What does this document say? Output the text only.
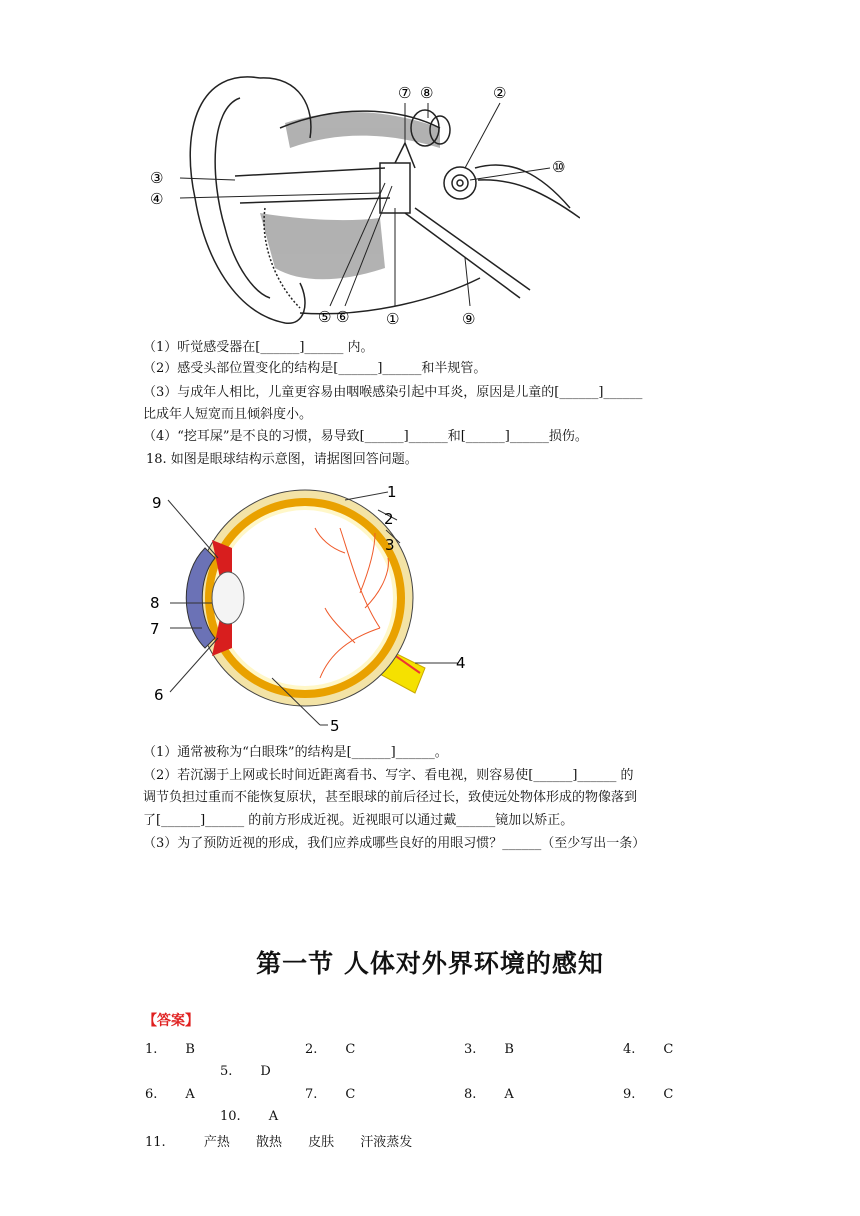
③
④
⑤ ⑥ ①
⑦ ⑧	②
⑩
⑨
（1）听觉感受器在[______]______ 内。
（2）感受头部位置变化的结构是[______]______和半规管。
（3）与成年人相比，儿童更容易由咽喉感染引起中耳炎，原因是儿童的[______]______
比成年人短宽而且倾斜度小。
（4）“挖耳屎”是不良的习惯，易导致[______]______和[______]______损伤。
18. 如图是眼球结构示意图，请据图回答问题。
9
1
2
3
4
5
6
7
8
（1）通常被称为“白眼珠”的结构是[______]______。
（2）若沉溺于上网或长时间近距离看书、写字、看电视，则容易使[______]______ 的
调节负担过重而不能恢复原状，甚至眼球的前后径过长，致使远处物体形成的物像落到
了[______]______ 的前方形成近视。近视眼可以通过戴______镜加以矫正。
（3）为了预防近视的形成，我们应养成哪些良好的用眼习惯？______（至少写出一条）
第一节 人体对外界环境的感知
【答案】
1. B	2. C	3. B	4. C
5. D
6. A	7. C	8. A	9. C
10. A
11.	产热 散热 皮肤 汗液蒸发
